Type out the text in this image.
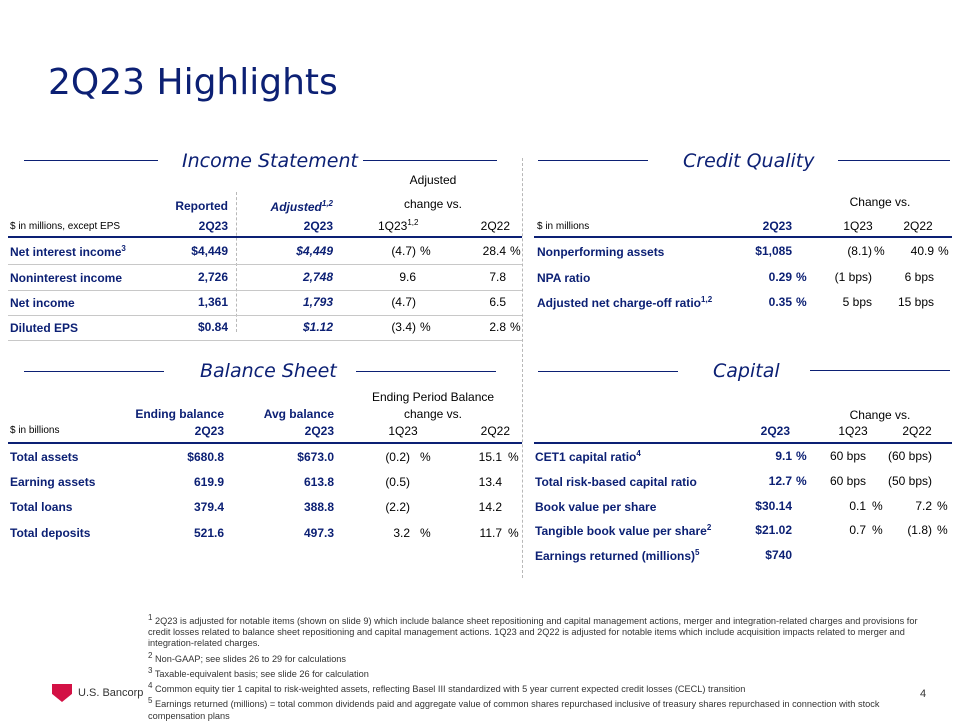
2Q23 Highlights
Income Statement
Adjusted
Reported	Adjusted$^{1,2}$	change vs.
$ in millions, except EPS	2Q23	2Q23	1Q23$^{1,2}$	2Q22
Net interest income$^3$	$4,449	$4,449	(4.7) %	28.4 %
Noninterest income	2,726	2,748	9.6	7.8
Net income	1,361	1,793	(4.7)	6.5
Diluted EPS	$0.84	$1.12	(3.4) %	2.8 %
Credit Quality
Change vs.
$ in millions	2Q23	1Q23	2Q22
Nonperforming assets	$1,085	(8.1) %	40.9 %
NPA ratio	0.29 %	(1 bps)	6 bps
Adjusted net charge-off ratio$^{1,2}$	0.35 %	5 bps	15 bps
Balance Sheet
Ending Period Balance
Ending balance	Avg balance	change vs.
$ in billions	2Q23	2Q23	1Q23	2Q22
Total assets	$680.8	$673.0	(0.2) %	15.1 %
Earning assets	619.9	613.8	(0.5)	13.4
Total loans	379.4	388.8	(2.2)	14.2
Total deposits	521.6	497.3	3.2 %	11.7 %
Capital
Change vs.
2Q23	1Q23	2Q22
CET1 capital ratio$^4$	9.1 %	60 bps	(60 bps)
Total risk-based capital ratio	12.7 %	60 bps	(50 bps)
Book value per share	$30.14	0.1 %	7.2 %
Tangible book value per share$^2$	$21.02	0.7 %	(1.8) %
Earnings returned (millions)$^5$	$740
$^1$ 2Q23 is adjusted for notable items (shown on slide 9) which include balance sheet repositioning and capital management actions, merger and integration-related charges and provisions for credit losses related to balance sheet repositioning and capital management actions. 1Q23 and 2Q22 is adjusted for notable items which include acquisition impacts related to merger and integration-related charges.
$^2$ Non-GAAP; see slides 26 to 29 for calculations
$^3$ Taxable-equivalent basis; see slide 26 for calculation
$^4$ Common equity tier 1 capital to risk-weighted assets, reflecting Basel III standardized with 5 year current expected credit losses (CECL) transition
$^5$ Earnings returned (millions) = total common dividends paid and aggregate value of common shares repurchased inclusive of treasury shares repurchased in connection with stock compensation plans
U.S. Bancorp	4
